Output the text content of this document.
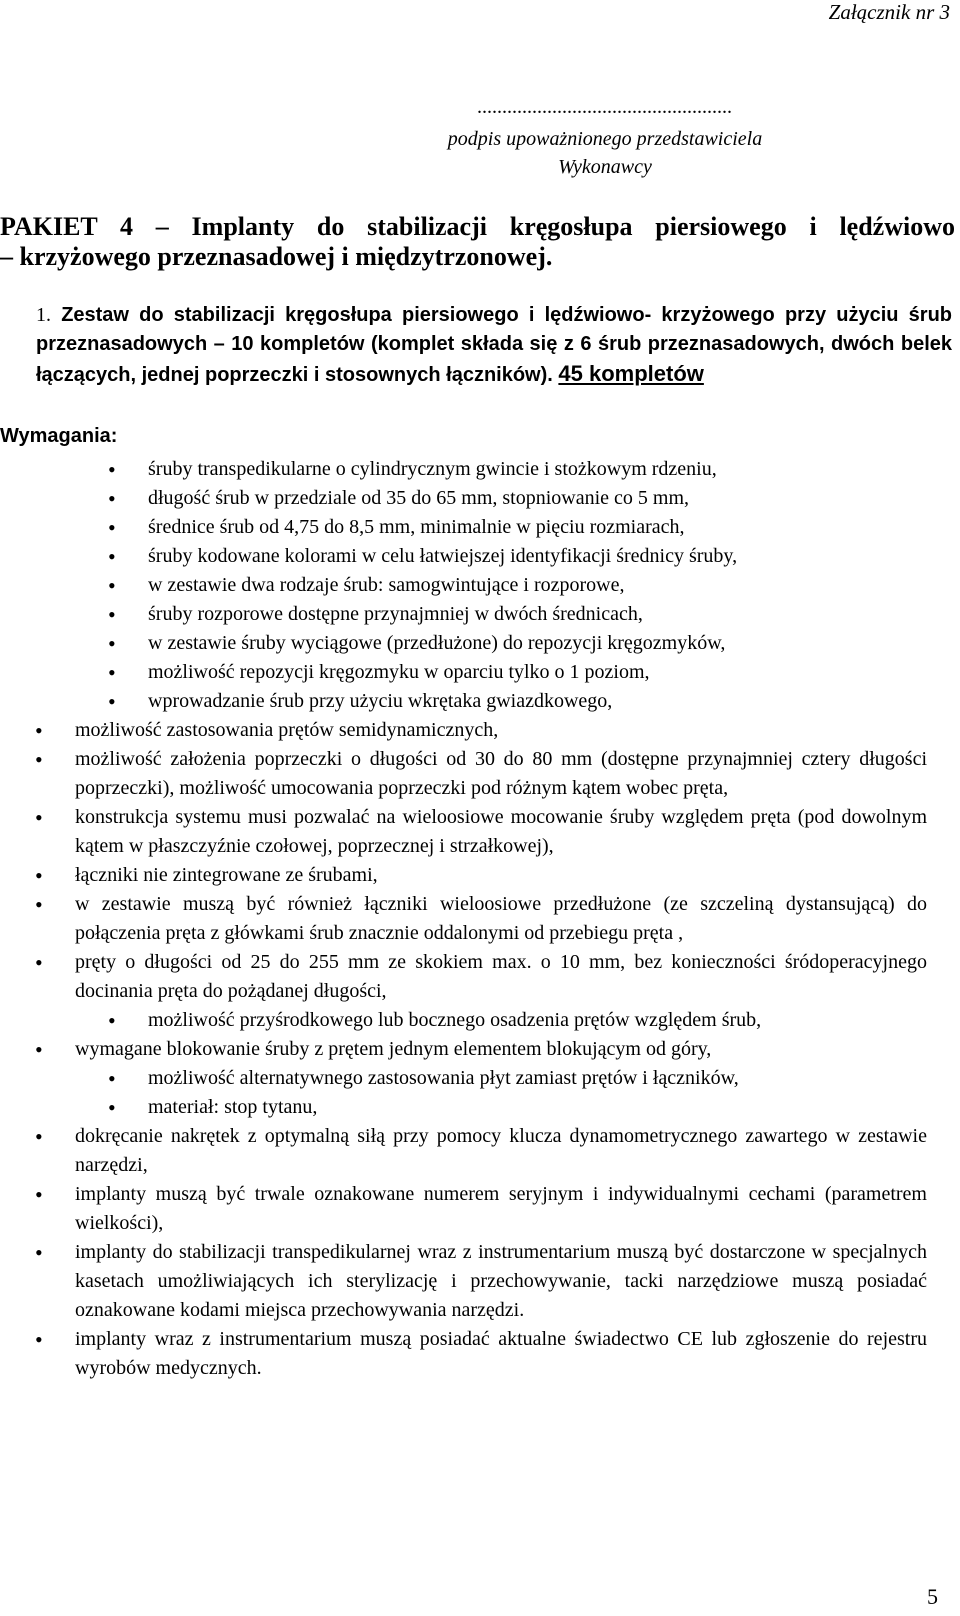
Załącznik nr 3
...................................................
podpis upoważnionego przedstawiciela
Wykonawcy
PAKIET 4 – Implanty do stabilizacji kręgosłupa piersiowego i lędźwiowo
– krzyżowego przeznasadowej i międzytrzonowej.
1. Zestaw do stabilizacji kręgosłupa piersiowego i lędźwiowo- krzyżowego przy użyciu śrub przeznasadowych – 10 kompletów (komplet składa się z 6 śrub przeznasadowych, dwóch belek łączących, jednej poprzeczki i stosownych łączników). 45 kompletów
Wymagania:
• śruby transpedikularne o cylindrycznym gwincie i stożkowym rdzeniu,
• długość śrub w przedziale od 35 do 65 mm, stopniowanie co 5 mm,
• średnice śrub od 4,75 do 8,5 mm, minimalnie w pięciu rozmiarach,
• śruby kodowane kolorami w celu łatwiejszej identyfikacji średnicy śruby,
• w zestawie dwa rodzaje śrub: samogwintujące i rozporowe,
• śruby rozporowe dostępne przynajmniej w dwóch średnicach,
• w zestawie śruby wyciągowe (przedłużone) do repozycji kręgozmyków,
• możliwość repozycji kręgozmyku w oparciu tylko o 1 poziom,
• wprowadzanie śrub przy użyciu wkrętaka gwiazdkowego,
• możliwość zastosowania prętów semidynamicznych,
• możliwość założenia poprzeczki o długości od 30 do 80 mm (dostępne przynajmniej cztery długości poprzeczki), możliwość umocowania poprzeczki pod różnym kątem wobec pręta,
• konstrukcja systemu musi pozwalać na wieloosiowe mocowanie śruby względem pręta (pod dowolnym kątem w płaszczyźnie czołowej, poprzecznej i strzałkowej),
• łączniki nie zintegrowane ze śrubami,
• w zestawie muszą być również łączniki wieloosiowe przedłużone (ze szczeliną dystansującą) do połączenia pręta z główkami śrub znacznie oddalonymi od przebiegu pręta ,
• pręty o długości od 25 do 255 mm ze skokiem max. o 10 mm, bez konieczności śródoperacyjnego docinania pręta do pożądanej długości,
• możliwość przyśrodkowego lub bocznego osadzenia prętów względem śrub,
• wymagane blokowanie śruby z prętem jednym elementem blokującym od góry,
• możliwość alternatywnego zastosowania płyt zamiast prętów i łączników,
• materiał: stop tytanu,
• dokręcanie nakrętek z optymalną siłą przy pomocy klucza dynamometrycznego zawartego w zestawie narzędzi,
• implanty muszą być trwale oznakowane numerem seryjnym i indywidualnymi cechami (parametrem wielkości),
• implanty do stabilizacji transpedikularnej wraz z instrumentarium muszą być dostarczone w specjalnych kasetach umożliwiających ich sterylizację i przechowywanie, tacki narzędziowe muszą posiadać oznakowane kodami miejsca przechowywania narzędzi.
• implanty wraz z instrumentarium muszą posiadać aktualne świadectwo CE lub zgłoszenie do rejestru wyrobów medycznych.
5
